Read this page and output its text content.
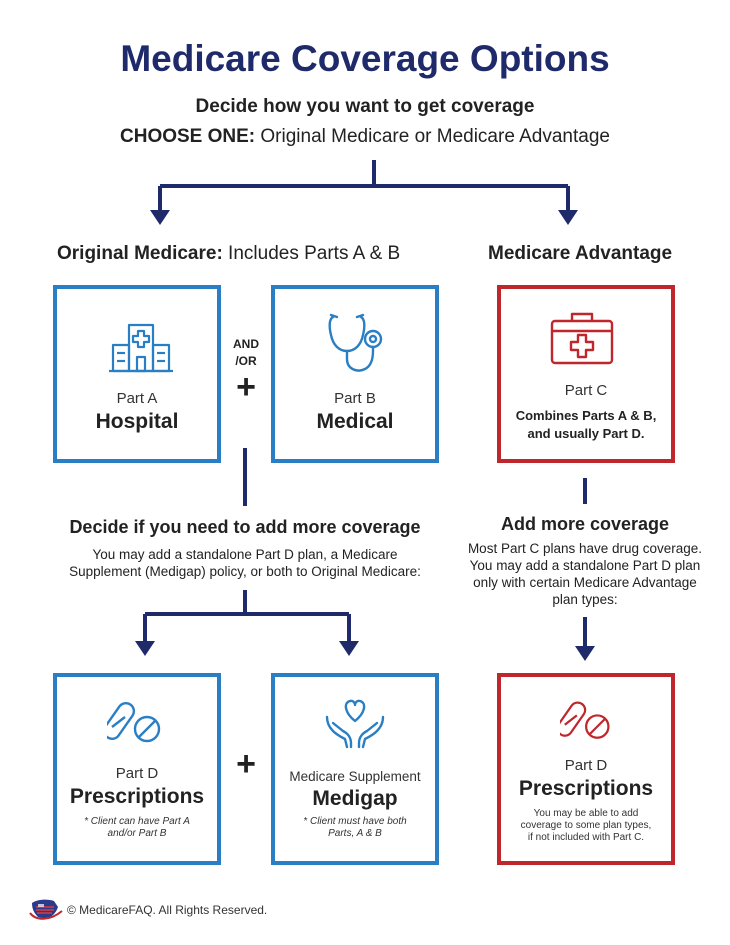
Medicare Coverage Options
Decide how you want to get coverage
CHOOSE ONE: Original Medicare or Medicare Advantage
Original Medicare: Includes Parts A & B	Medicare Advantage
Part A
Hospital
AND
/OR
+	Part B
Medical
Part C
Combines Parts A & B,
and usually Part D.
Decide if you need to add more coverage
You may add a standalone Part D plan, a Medicare
Supplement (Medigap) policy, or both to Original Medicare:
Add more coverage
Most Part C plans have drug coverage.
You may add a standalone Part D plan
only with certain Medicare Advantage
plan types:
Part D
Prescriptions
* Client can have Part A
and/or Part B
+	Medicare Supplement
Medigap
* Client must have both
Parts, A & B
Part D
Prescriptions
You may be able to add
coverage to some plan types,
if not included with Part C.
© MedicareFAQ. All Rights Reserved.
